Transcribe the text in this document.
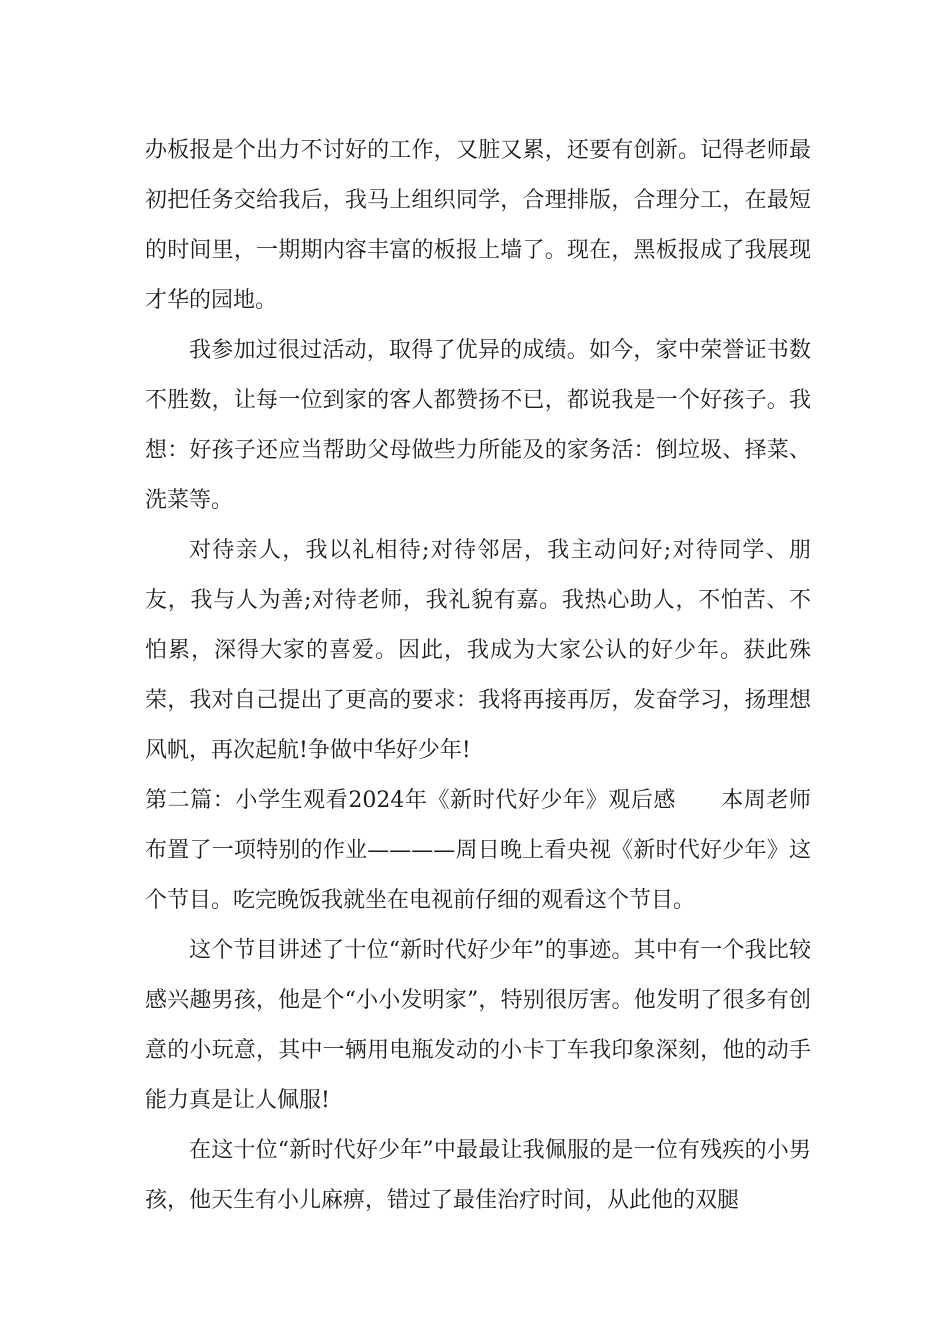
办板报是个出力不讨好的工作，又脏又累，还要有创新。记得老师最初把任务交给我后，我马上组织同学，合理排版，合理分工，在最短的时间里，一期期内容丰富的板报上墙了。现在，黑板报成了我展现才华的园地。

我参加过很过活动，取得了优异的成绩。如今，家中荣誉证书数不胜数，让每一位到家的客人都赞扬不已，都说我是一个好孩子。我想：好孩子还应当帮助父母做些力所能及的家务活：倒垃圾、择菜、洗菜等。

对待亲人，我以礼相待;对待邻居，我主动问好;对待同学、朋友，我与人为善;对待老师，我礼貌有嘉。我热心助人，不怕苦、不怕累，深得大家的喜爱。因此，我成为大家公认的好少年。获此殊荣，我对自己提出了更高的要求：我将再接再厉，发奋学习，扬理想风帆，再次起航!争做中华好少年!

第二篇：小学生观看2024年《新时代好少年》观后感　　本周老师布置了一项特别的作业————周日晚上看央视《新时代好少年》这个节目。吃完晚饭我就坐在电视前仔细的观看这个节目。

这个节目讲述了十位“新时代好少年”的事迹。其中有一个我比较感兴趣男孩，他是个“小小发明家”，特别很厉害。他发明了很多有创意的小玩意，其中一辆用电瓶发动的小卡丁车我印象深刻，他的动手能力真是让人佩服!

在这十位“新时代好少年”中最最让我佩服的是一位有残疾的小男孩，他天生有小儿麻痹，错过了最佳治疗时间，从此他的双腿
